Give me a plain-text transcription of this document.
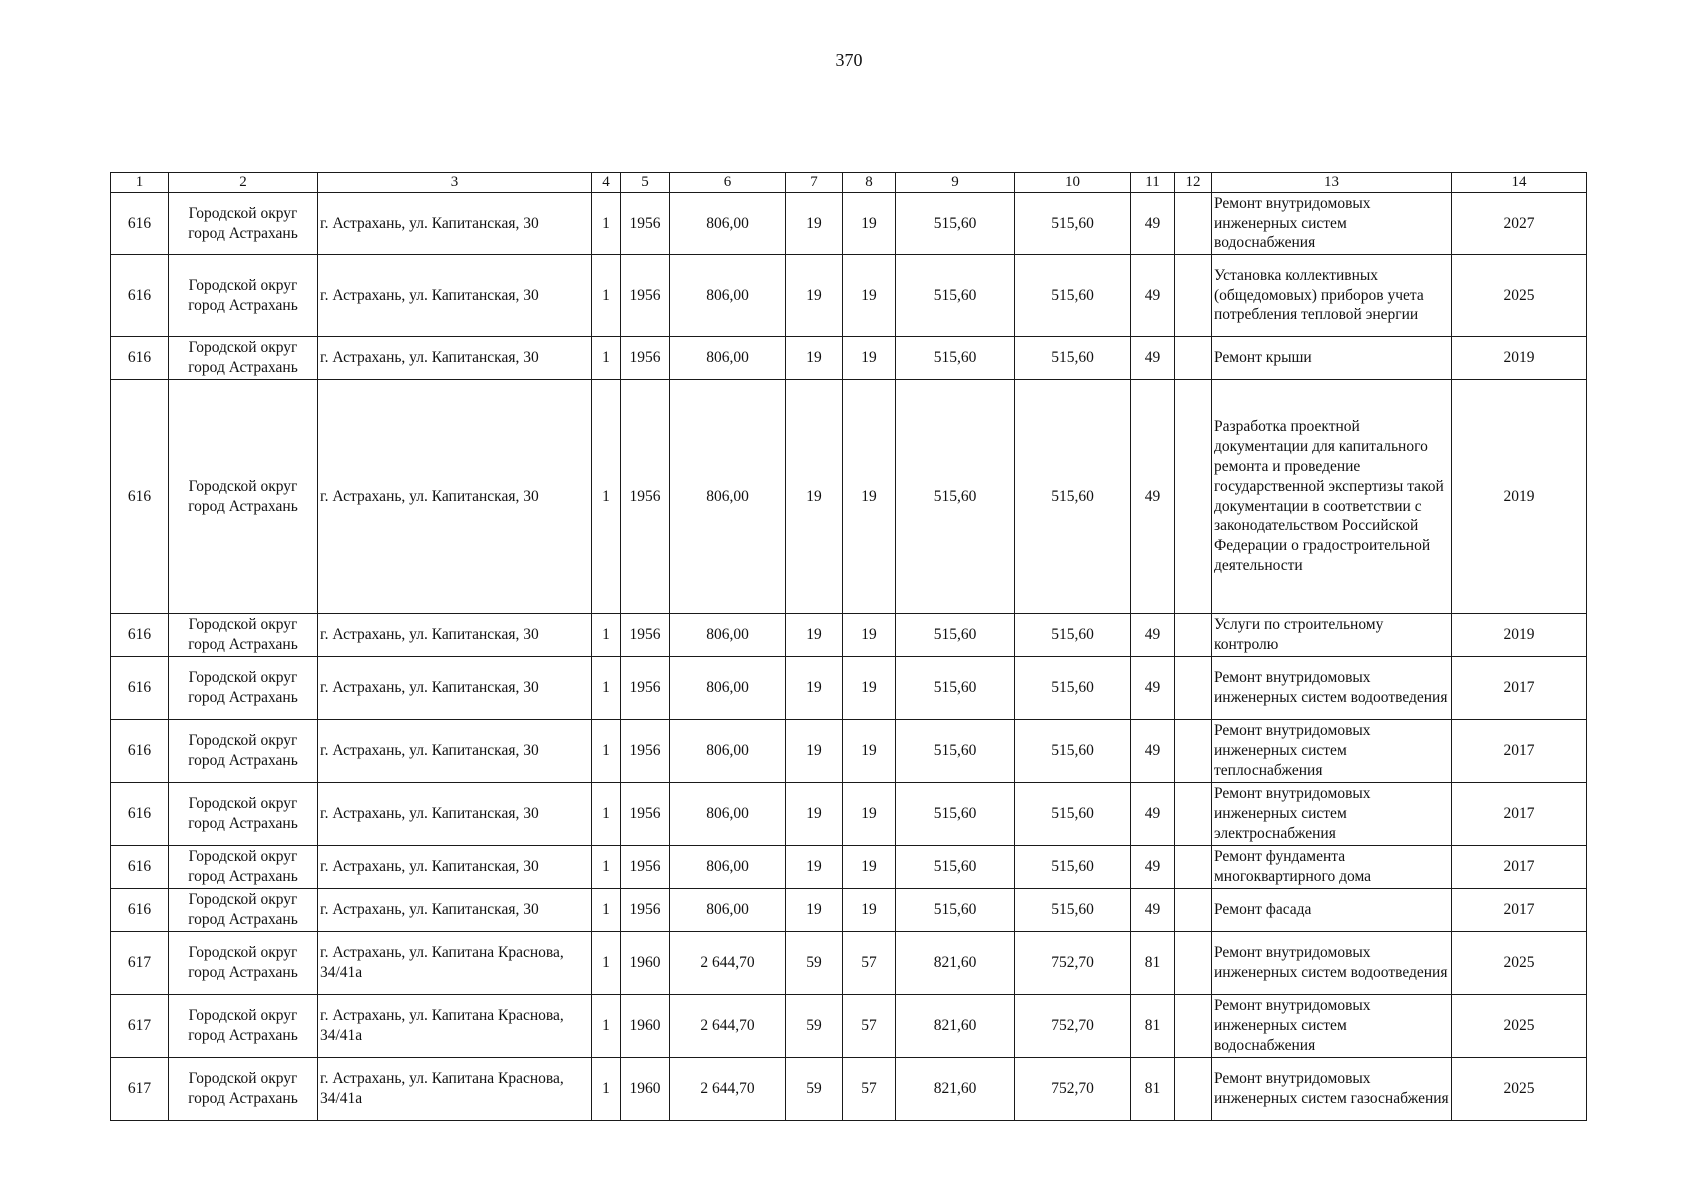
370
1	2	3	4	5	6	7	8	9	10	11	12	13	14
616	Городской округ город Астрахань	г. Астрахань, ул. Капитанская, 30	1	1956	806,00	19	19	515,60	515,60	49		Ремонт внутридомовых инженерных систем водоснабжения	2027
616	Городской округ город Астрахань	г. Астрахань, ул. Капитанская, 30	1	1956	806,00	19	19	515,60	515,60	49		Установка коллективных (общедомовых) приборов учета потребления тепловой энергии	2025
616	Городской округ город Астрахань	г. Астрахань, ул. Капитанская, 30	1	1956	806,00	19	19	515,60	515,60	49		Ремонт крыши	2019
616	Городской округ город Астрахань	г. Астрахань, ул. Капитанская, 30	1	1956	806,00	19	19	515,60	515,60	49		Разработка проектной документации для капитального ремонта и проведение государственной экспертизы такой документации в соответствии с законодательством Российской Федерации о градостроительной деятельности	2019
616	Городской округ город Астрахань	г. Астрахань, ул. Капитанская, 30	1	1956	806,00	19	19	515,60	515,60	49		Услуги по строительному контролю	2019
616	Городской округ город Астрахань	г. Астрахань, ул. Капитанская, 30	1	1956	806,00	19	19	515,60	515,60	49		Ремонт внутридомовых инженерных систем водоотведения	2017
616	Городской округ город Астрахань	г. Астрахань, ул. Капитанская, 30	1	1956	806,00	19	19	515,60	515,60	49		Ремонт внутридомовых инженерных систем теплоснабжения	2017
616	Городской округ город Астрахань	г. Астрахань, ул. Капитанская, 30	1	1956	806,00	19	19	515,60	515,60	49		Ремонт внутридомовых инженерных систем электроснабжения	2017
616	Городской округ город Астрахань	г. Астрахань, ул. Капитанская, 30	1	1956	806,00	19	19	515,60	515,60	49		Ремонт фундамента многоквартирного дома	2017
616	Городской округ город Астрахань	г. Астрахань, ул. Капитанская, 30	1	1956	806,00	19	19	515,60	515,60	49		Ремонт фасада	2017
617	Городской округ город Астрахань	г. Астрахань, ул. Капитана Краснова, 34/41а	1	1960	2 644,70	59	57	821,60	752,70	81		Ремонт внутридомовых инженерных систем водоотведения	2025
617	Городской округ город Астрахань	г. Астрахань, ул. Капитана Краснова, 34/41а	1	1960	2 644,70	59	57	821,60	752,70	81		Ремонт внутридомовых инженерных систем водоснабжения	2025
617	Городской округ город Астрахань	г. Астрахань, ул. Капитана Краснова, 34/41а	1	1960	2 644,70	59	57	821,60	752,70	81		Ремонт внутридомовых инженерных систем газоснабжения	2025
